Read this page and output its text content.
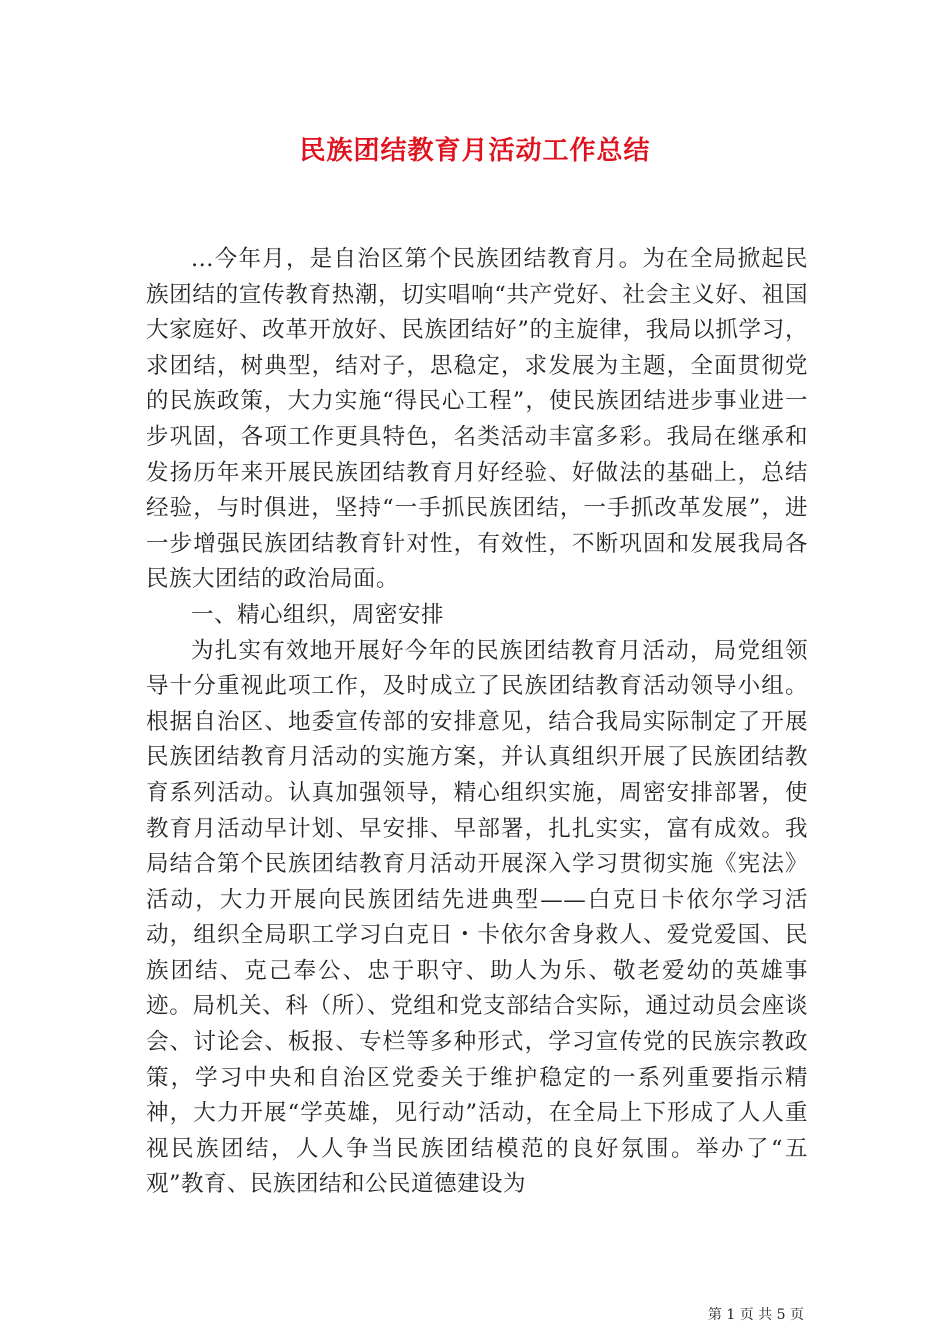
民族团结教育月活动工作总结

...今年月，是自治区第个民族团结教育月。为在全局掀起民族团结的宣传教育热潮，切实唱响“共产党好、社会主义好、祖国大家庭好、改革开放好、民族团结好”的主旋律，我局以抓学习，求团结，树典型，结对子，思稳定，求发展为主题，全面贯彻党的民族政策，大力实施“得民心工程”，使民族团结进步事业进一步巩固，各项工作更具特色，名类活动丰富多彩。我局在继承和发扬历年来开展民族团结教育月好经验、好做法的基础上，总结经验，与时俱进，坚持“一手抓民族团结，一手抓改革发展”，进一步增强民族团结教育针对性，有效性，不断巩固和发展我局各民族大团结的政治局面。

一、精心组织，周密安排

为扎实有效地开展好今年的民族团结教育月活动，局党组领导十分重视此项工作，及时成立了民族团结教育活动领导小组。根据自治区、地委宣传部的安排意见，结合我局实际制定了开展民族团结教育月活动的实施方案，并认真组织开展了民族团结教育系列活动。认真加强领导，精心组织实施，周密安排部署，使教育月活动早计划、早安排、早部署，扎扎实实，富有成效。我局结合第个民族团结教育月活动开展深入学习贯彻实施《宪法》活动，大力开展向民族团结先进典型——白克日卡依尔学习活动，组织全局职工学习白克日・卡依尔舍身救人、爱党爱国、民族团结、克己奉公、忠于职守、助人为乐、敬老爱幼的英雄事迹。局机关、科（所）、党组和党支部结合实际，通过动员会座谈会、讨论会、板报、专栏等多种形式，学习宣传党的民族宗教政策，学习中央和自治区党委关于维护稳定的一系列重要指示精神，大力开展“学英雄，见行动”活动，在全局上下形成了人人重视民族团结，人人争当民族团结模范的良好氛围。举办了“五观”教育、民族团结和公民道德建设为

第 1 页 共 5 页
